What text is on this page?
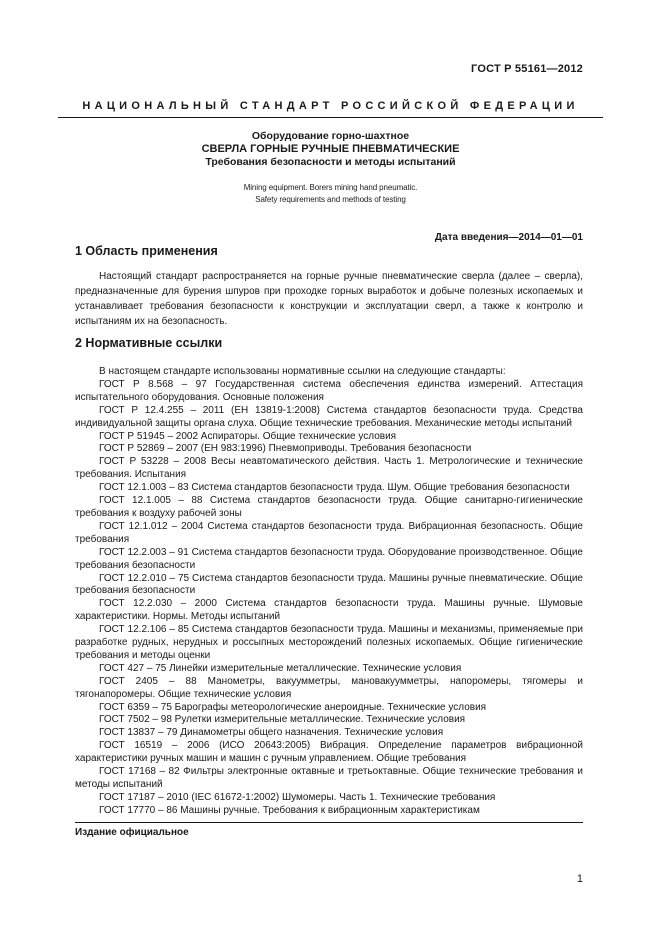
ГОСТ Р 55161—2012
НАЦИОНАЛЬНЫЙ СТАНДАРТ РОССИЙСКОЙ ФЕДЕРАЦИИ
Оборудование горно-шахтное
СВЕРЛА ГОРНЫЕ РУЧНЫЕ ПНЕВМАТИЧЕСКИЕ
Требования безопасности и методы испытаний
Mining equipment. Borers mining hand pneumatic.
Safety requirements and methods of testing
Дата введения—2014—01—01
1 Область применения
Настоящий стандарт распространяется на горные ручные пневматические сверла (далее – сверла), предназначенные для бурения шпуров при проходке горных выработок и добыче полезных ископаемых и устанавливает требования безопасности к конструкции и эксплуатации сверл, а также к контролю и испытаниям их на безопасность.
2 Нормативные ссылки
В настоящем стандарте использованы нормативные ссылки на следующие стандарты:
ГОСТ Р 8.568 – 97 Государственная система обеспечения единства измерений. Аттестация испытательного оборудования. Основные положения
ГОСТ Р 12.4.255 – 2011 (ЕН 13819-1:2008) Система стандартов безопасности труда. Средства индивидуальной защиты органа слуха. Общие технические требования. Механические методы испытаний
ГОСТ Р 51945 – 2002 Аспираторы. Общие технические условия
ГОСТ Р 52869 – 2007 (ЕН 983:1996) Пневмоприводы. Требования безопасности
ГОСТ Р 53228 – 2008 Весы неавтоматического действия. Часть 1. Метрологические и технические требования. Испытания
ГОСТ 12.1.003 – 83 Система стандартов безопасности труда. Шум. Общие требования безопасности
ГОСТ 12.1.005 – 88 Система стандартов безопасности труда. Общие санитарно-гигиенические требования к воздуху рабочей зоны
ГОСТ 12.1.012 – 2004 Система стандартов безопасности труда. Вибрационная безопасность. Общие требования
ГОСТ 12.2.003 – 91 Система стандартов безопасности труда. Оборудование производственное. Общие требования безопасности
ГОСТ 12.2.010 – 75 Система стандартов безопасности труда. Машины ручные пневматические. Общие требования безопасности
ГОСТ 12.2.030 – 2000 Система стандартов безопасности труда. Машины ручные. Шумовые характеристики. Нормы. Методы испытаний
ГОСТ 12.2.106 – 85 Система стандартов безопасности труда. Машины и механизмы, применяемые при разработке рудных, нерудных и россыпных месторождений полезных ископаемых. Общие гигиенические требования и методы оценки
ГОСТ 427 – 75 Линейки измерительные металлические. Технические условия
ГОСТ 2405 – 88 Манометры, вакуумметры, мановакуумметры, напоромеры, тягомеры и тягонапоромеры. Общие технические условия
ГОСТ 6359 – 75 Барографы метеорологические анероидные. Технические условия
ГОСТ 7502 – 98 Рулетки измерительные металлические. Технические условия
ГОСТ 13837 – 79 Динамометры общего назначения. Технические условия
ГОСТ 16519 – 2006 (ИСО 20643:2005) Вибрация. Определение параметров вибрационной характеристики ручных машин и машин с ручным управлением. Общие требования
ГОСТ 17168 – 82 Фильтры электронные октавные и третьоктавные. Общие технические требования и методы испытаний
ГОСТ 17187 – 2010 (IEC 61672-1:2002) Шумомеры. Часть 1. Технические требования
ГОСТ 17770 – 86 Машины ручные. Требования к вибрационным характеристикам
Издание официальное
1
